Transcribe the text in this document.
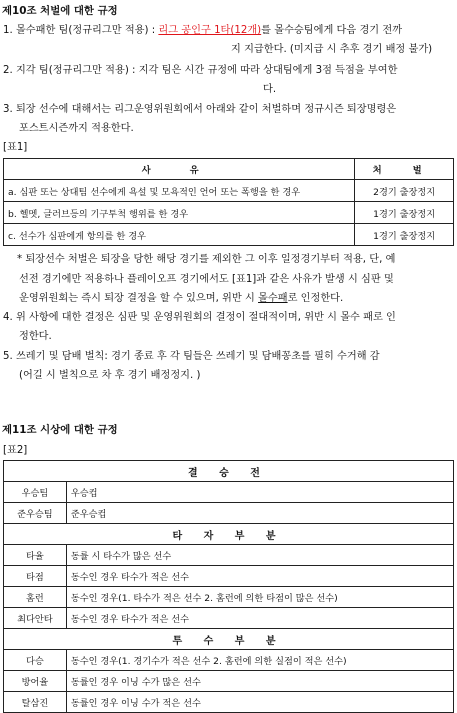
제10조 처벌에 대한 규정
1. 몰수패한 팀(정규리그만 적용) : 리그 공인구 1타(12개)를 몰수승팀에게 다음 경기 전까
지 지급한다. (미지급 시 추후 경기 배정 불가)
2. 지각 팀(정규리그만 적용) : 지각 팀은 시간 규정에 따라 상대팀에게 3점 득점을 부여한
다.
3. 퇴장 선수에 대해서는 리그운영위원회에서 아래와 같이 처벌하며 정규시즌 퇴장명령은
포스트시즌까지 적용한다.
[표1]
사 유	처 벌
a. 심판 또는 상대팀 선수에게 욕설 및 모욕적인 언어 또는 폭행을 한 경우	2경기 출장정지
b. 헬멧, 글러브등의 기구투척 행위를 한 경우	1경기 출장정지
c. 선수가 심판에게 항의를 한 경우	1경기 출장정지
* 퇴장선수 처벌은 퇴장을 당한 해당 경기를 제외한 그 이후 일정경기부터 적용, 단, 예
선전 경기에만 적용하나 플레이오프 경기에서도 [표1]과 같은 사유가 발생 시 심판 및
운영위원회는 즉시 퇴장 결정을 할 수 있으며, 위반 시 몰수패로 인정한다.
4. 위 사항에 대한 결정은 심판 및 운영위원회의 결정이 절대적이며, 위반 시 몰수 패로 인
정한다.
5. 쓰레기 및 담배 벌칙: 경기 종료 후 각 팀들은 쓰레기 및 담배꽁초를 필히 수거해 감
(어길 시 벌칙으로 차 후 경기 배정정지. )
제11조 시상에 대한 규정
[표2]
결 승 전	
우승팀	우승컵
준우승팀	준우승컵
타 자 부 분	
타율	동률 시 타수가 많은 선수
타점	동수인 경우 타수가 적은 선수
홈런	동수인 경우(1. 타수가 적은 선수 2. 홈런에 의한 타점이 많은 선수)
최다안타	동수인 경우 타수가 적은 선수
투 수 부 분	
다승	동수인 경우(1. 경기수가 적은 선수 2. 홈런에 의한 실점이 적은 선수)
방어율	동률인 경우 이닝 수가 많은 선수
탈삼진	동률인 경우 이닝 수가 적은 선수
